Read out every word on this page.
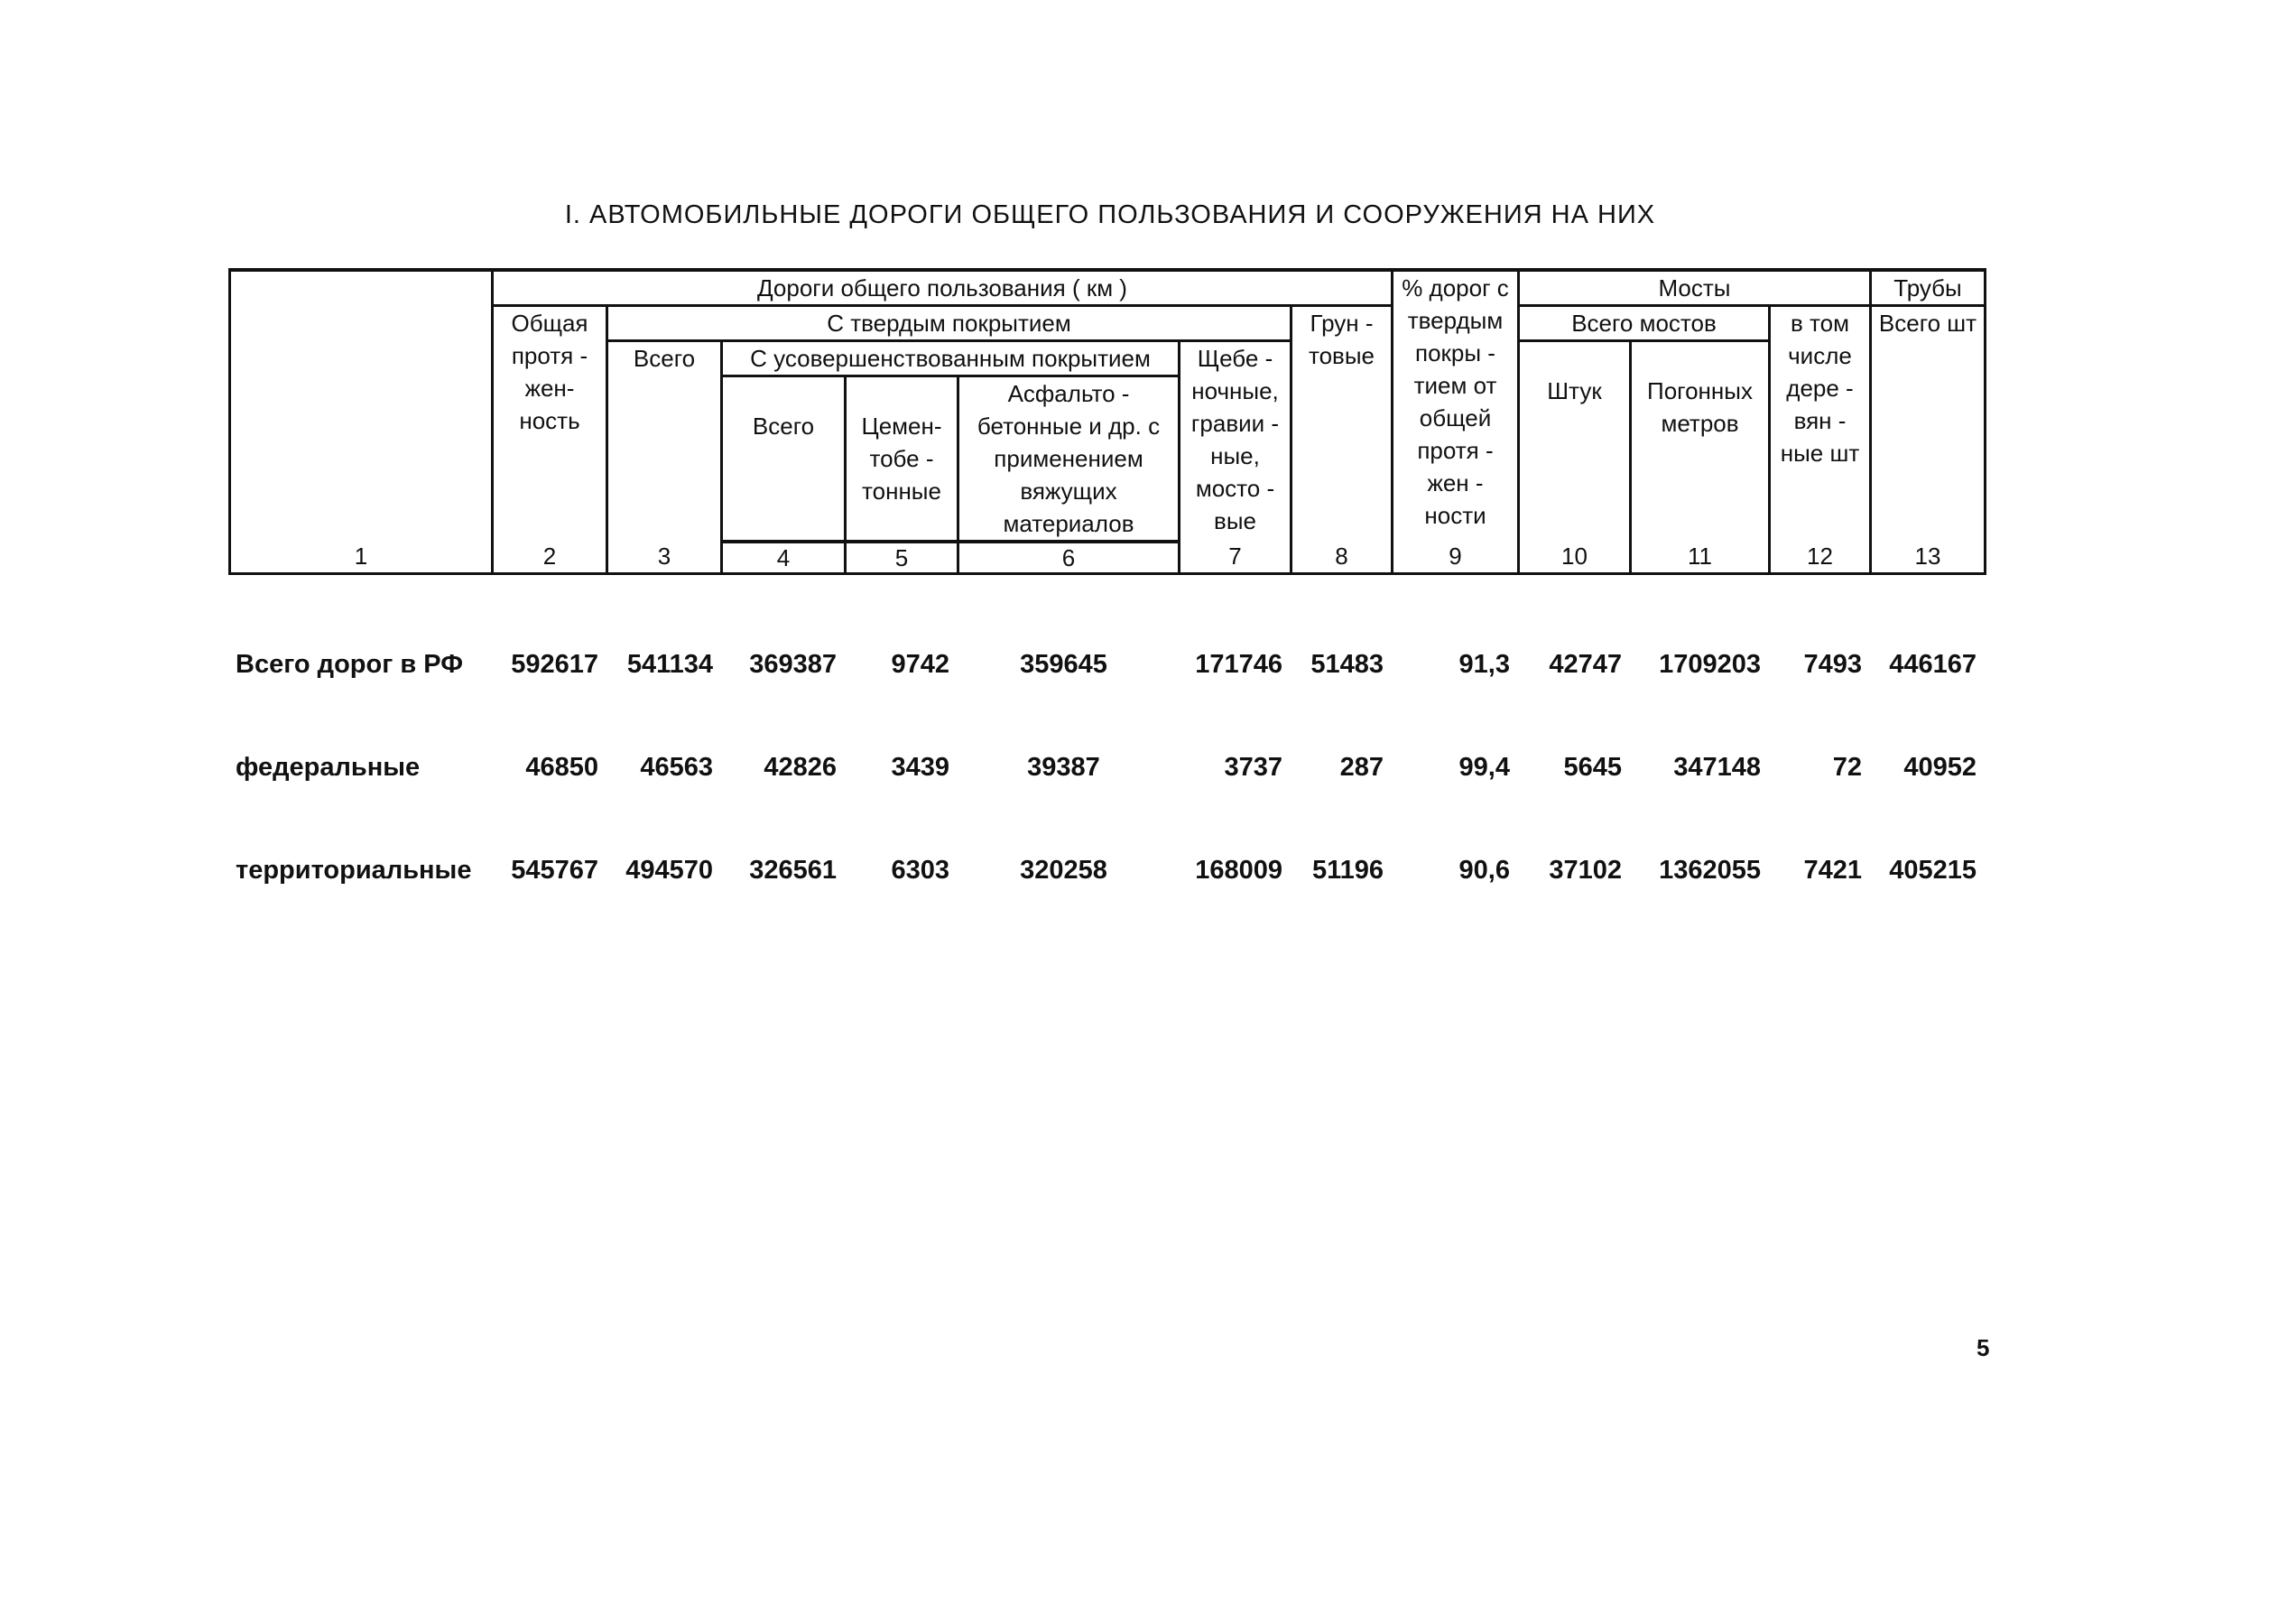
I. АВТОМОБИЛЬНЫЕ ДОРОГИ ОБЩЕГО ПОЛЬЗОВАНИЯ И СООРУЖЕНИЯ НА НИХ
	Дороги общего пользования ( км )							% дорог с твердым покры - тием от общей протя - жен - ности	Мосты			Трубы
	Общая протя - жен- ность	С твердым покрытием					Грун - товые		Всего мостов		в том числе дере - вян - ные шт	Всего шт
		Всего	С усовершенствованным покрытием			Щебе - ночные, гравии - ные, мосто - вые			Штук	Погонных метров		
			Всего	Цемен- тобе - тонные	Асфальто - бетонные и др. с применением вяжущих материалов							
1	2	3	4	5	6	7	8	9	10	11	12	13
Всего дорог в РФ	592617	541134	369387	9742	359645	171746	51483	91,3	42747	1709203	7493	446167
федеральные	46850	46563	42826	3439	39387	3737	287	99,4	5645	347148	72	40952
территориальные	545767	494570	326561	6303	320258	168009	51196	90,6	37102	1362055	7421	405215
5
